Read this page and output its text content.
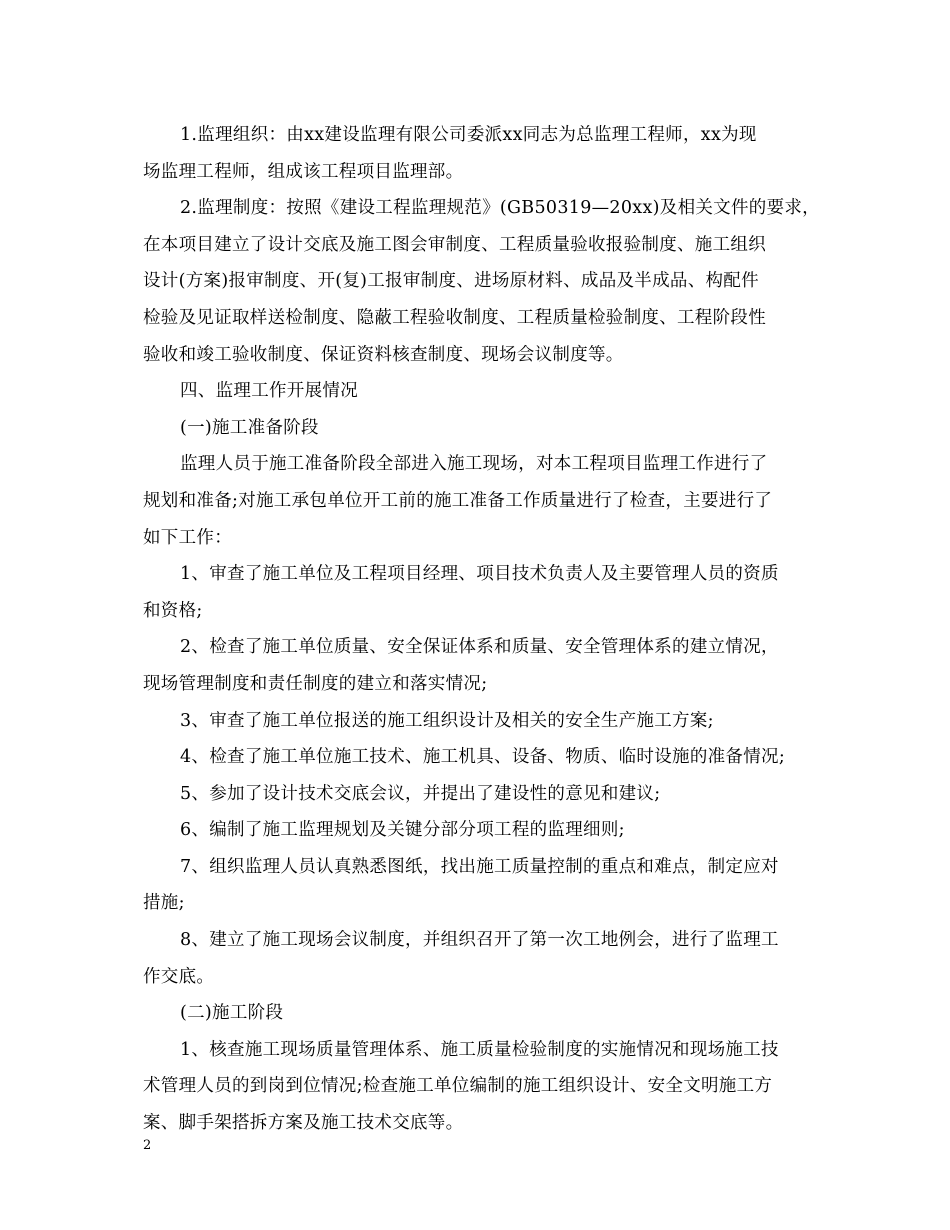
1.监理组织：由xx建设监理有限公司委派xx同志为总监理工程师，xx为现
场监理工程师，组成该工程项目监理部。
2.监理制度：按照《建设工程监理规范》(GB50319—20xx)及相关文件的要求，
在本项目建立了设计交底及施工图会审制度、工程质量验收报验制度、施工组织
设计(方案)报审制度、开(复)工报审制度、进场原材料、成品及半成品、构配件
检验及见证取样送检制度、隐蔽工程验收制度、工程质量检验制度、工程阶段性
验收和竣工验收制度、保证资料核查制度、现场会议制度等。
四、监理工作开展情况
(一)施工准备阶段
监理人员于施工准备阶段全部进入施工现场，对本工程项目监理工作进行了
规划和准备;对施工承包单位开工前的施工准备工作质量进行了检查，主要进行了
如下工作：
1、审查了施工单位及工程项目经理、项目技术负责人及主要管理人员的资质
和资格;
2、检查了施工单位质量、安全保证体系和质量、安全管理体系的建立情况，
现场管理制度和责任制度的建立和落实情况;
3、审查了施工单位报送的施工组织设计及相关的安全生产施工方案;
4、检查了施工单位施工技术、施工机具、设备、物质、临时设施的准备情况;
5、参加了设计技术交底会议，并提出了建设性的意见和建议;
6、编制了施工监理规划及关键分部分项工程的监理细则;
7、组织监理人员认真熟悉图纸，找出施工质量控制的重点和难点，制定应对
措施;
8、建立了施工现场会议制度，并组织召开了第一次工地例会，进行了监理工
作交底。
(二)施工阶段
1、核查施工现场质量管理体系、施工质量检验制度的实施情况和现场施工技
术管理人员的到岗到位情况;检查施工单位编制的施工组织设计、安全文明施工方
案、脚手架搭拆方案及施工技术交底等。
2
